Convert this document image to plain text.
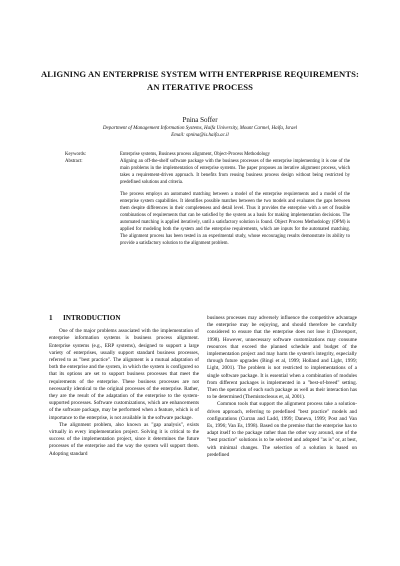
ALIGNING AN ENTERPRISE SYSTEM WITH ENTERPRISE REQUIREMENTS: AN ITERATIVE PROCESS
Pnina Soffer
Department of Management Information Systems, Haifa University, Mount Carmel, Haifa, Israel
Email: spnina@is.haifa.ac.il
Keywords:	Enterprise systems, Business process alignment, Object-Process Methodology
Abstract:	Aligning an off-the-shelf software package with the business processes of the enterprise implementing it is one of the main problems in the implementation of enterprise systems. The paper proposes an iterative alignment process, which takes a requirement-driven approach. It benefits from reusing business process design without being restricted by predefined solutions and criteria.

The process employs an automated matching between a model of the enterprise requirements and a model of the enterprise system capabilities. It identifies possible matches between the two models and evaluates the gaps between them despite differences in their completeness and detail level. Thus it provides the enterprise with a set of feasible combinations of requirements that can be satisfied by the system as a basis for making implementation decisions. The automated matching is applied iteratively, until a satisfactory solution is found. Object Process Methodology (OPM) is applied for modeling both the system and the enterprise requirements, which are inputs for the automated matching. The alignment process has been tested in an experimental study, whose encouraging results demonstrate its ability to provide a satisfactory solution to the alignment problem.

1 INTRODUCTION

One of the major problems associated with the implementation of enterprise information systems is business process alignment. Enterprise systems (e.g., ERP systems), designed to support a large variety of enterprises, usually support standard business processes, referred to as "best practice". The alignment is a mutual adaptation of both the enterprise and the system, in which the system is configured so that its options are set to support business processes that meet the requirements of the enterprise. These business processes are not necessarily identical to the original processes of the enterprise. Rather, they are the result of the adaptation of the enterprise to the system-supported processes. Software customizations, which are enhancements of the software package, may be performed when a feature, which is of importance to the enterprise, is not available in the software package.

The alignment problem, also known as "gap analysis", exists virtually in every implementation project. Solving it is critical to the success of the implementation project, since it determines the future processes of the enterprise and the way the system will support them. Adopting standard

business processes may adversely influence the competitive advantage the enterprise may be enjoying, and should therefore be carefully considered to ensure that the enterprise does not lose it (Davenport, 1998). However, unnecessary software customizations may consume resources that exceed the planned schedule and budget of the implementation project and may harm the system's integrity, especially through future upgrades (Bingi et al, 1999; Holland and Light, 1999; Light, 2001). The problem is not restricted to implementations of a single software package. It is essential when a combination of modules from different packages is implemented in a "best-of-breed" setting. Then the operation of each such package as well as their interaction has to be determined (Themistocleous et, al, 2001).

Common tools that support the alignment process take a solution-driven approach, referring to predefined "best practice" models and configurations (Curran and Ladd, 1999; Daneva, 1999; Post and Van Es, 1996; Van Es, 1998). Based on the premise that the enterprise has to adapt itself to the package rather than the other way around, one of the "best practice" solutions is to be selected and adopted "as is" or, at best, with minimal changes. The selection of a solution is based on predefined
